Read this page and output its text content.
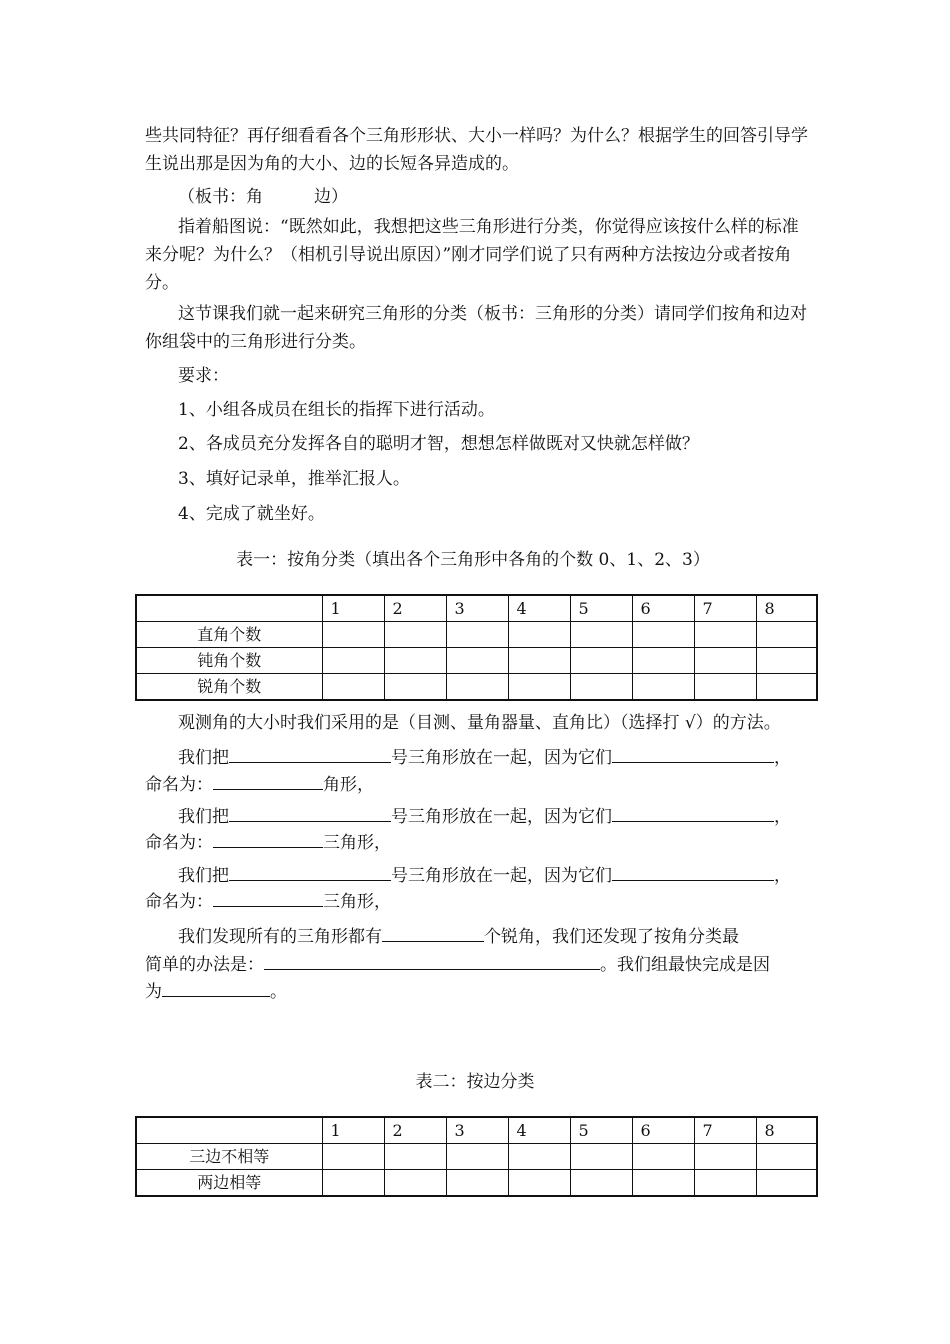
些共同特征？再仔细看看各个三角形形状、大小一样吗？为什么？根据学生的回答引导学生说出那是因为角的大小、边的长短各异造成的。
（板书：角　　　边）
指着船图说：“既然如此，我想把这些三角形进行分类，你觉得应该按什么样的标准来分呢？为什么？（相机引导说出原因）”刚才同学们说了只有两种方法按边分或者按角分。
这节课我们就一起来研究三角形的分类（板书：三角形的分类）请同学们按角和边对你组袋中的三角形进行分类。
要求：
1、小组各成员在组长的指挥下进行活动。
2、各成员充分发挥各自的聪明才智，想想怎样做既对又快就怎样做？
3、填好记录单，推举汇报人。
4、完成了就坐好。
表一：按角分类（填出各个三角形中各角的个数 0、1、2、3）
	1	2	3	4	5	6	7	8
直角个数								
钝角个数								
锐角个数								
观测角的大小时我们采用的是（目测、量角器量、直角比）（选择打 √）的方法。
我们把	号三角形放在一起，因为它们	，
命名为：	角形，
我们把	号三角形放在一起，因为它们	，
命名为：	三角形，
我们把	号三角形放在一起，因为它们	，
命名为：	三角形，
我们发现所有的三角形都有	个锐角，我们还发现了按角分类最
简单的办法是：	。我们组最快完成是因
为	。
表二：按边分类
	1	2	3	4	5	6	7	8
三边不相等								
两边相等								
